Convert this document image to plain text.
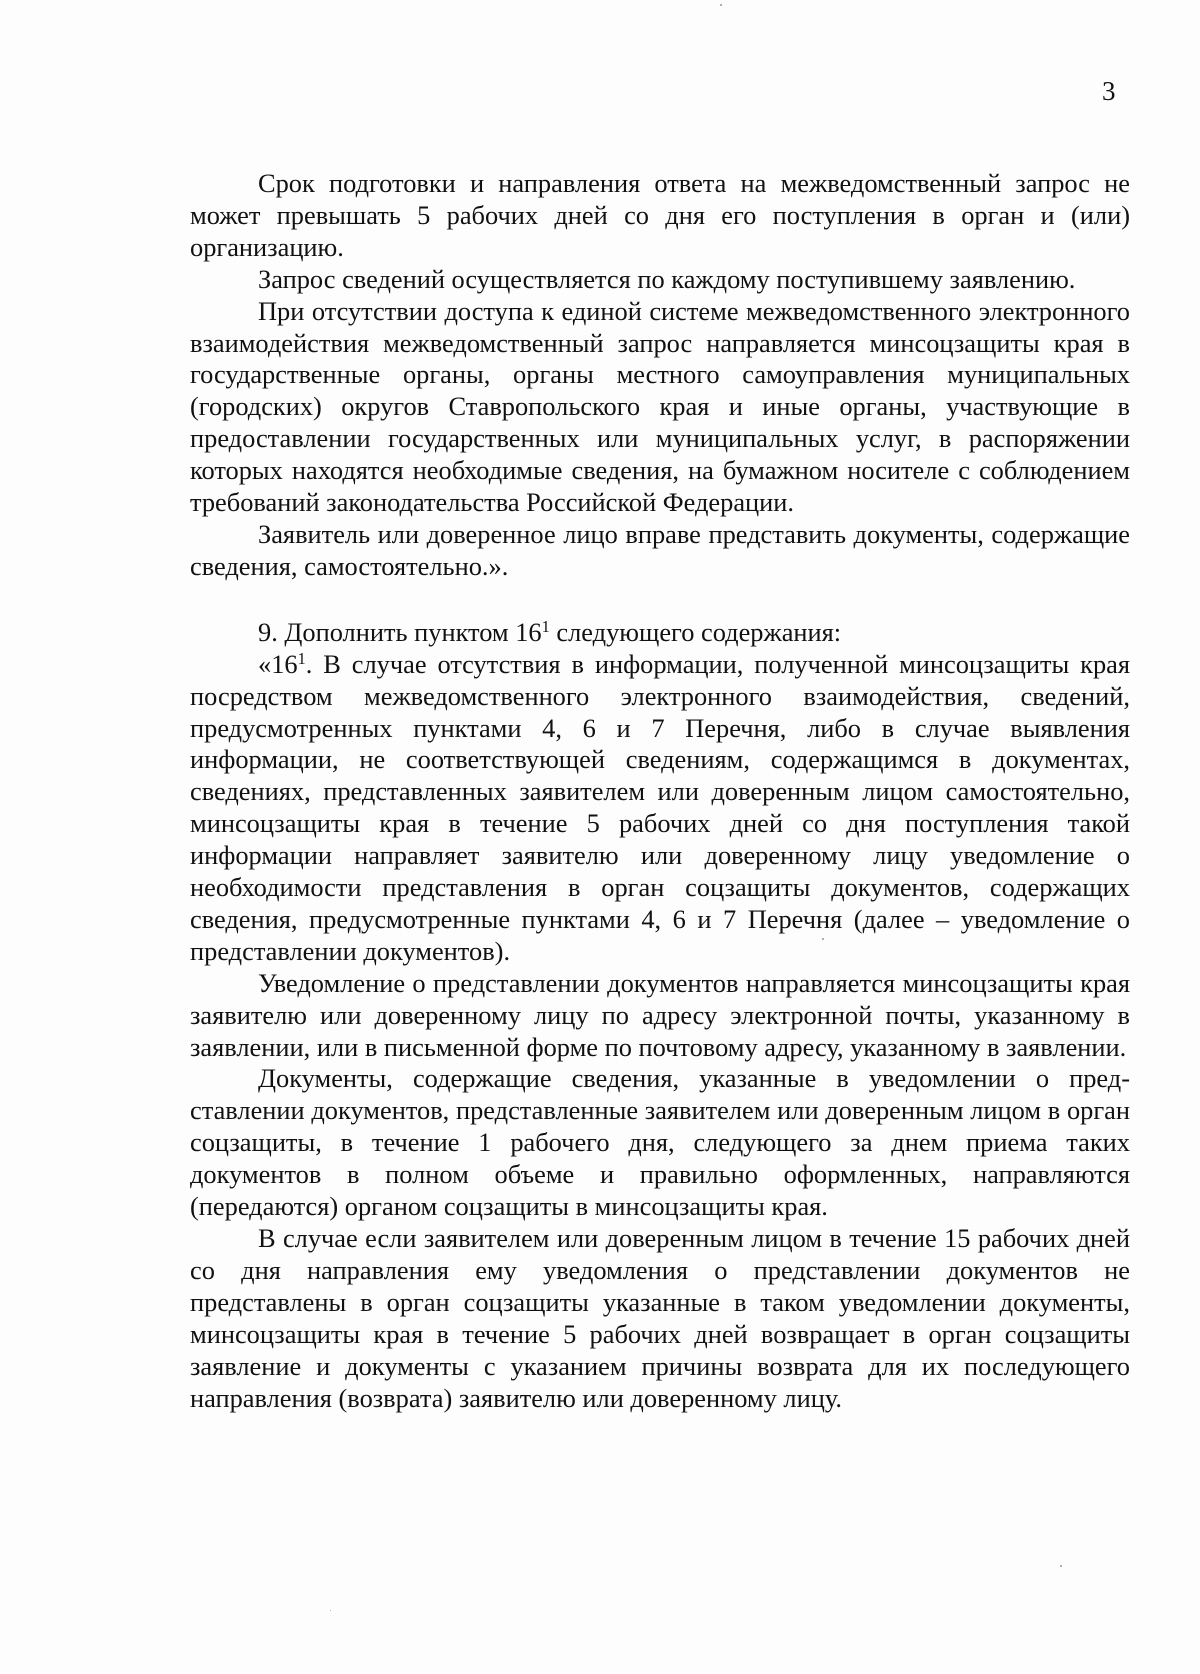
3

Срок подготовки и направления ответа на межведомственный запрос не может превышать 5 рабочих дней со дня его поступления в орган и (или) организацию.

Запрос сведений осуществляется по каждому поступившему заявлению.

При отсутствии доступа к единой системе межведомственного электронного взаимодействия межведомственный запрос направляется минсоцзащиты края в государственные органы, органы местного самоуправления муниципальных (городских) округов Ставропольского края и иные органы, участвующие в предоставлении государственных или муниципальных услуг, в распоряжении которых находятся необходимые сведения, на бумажном носителе с соблюдением требований законодательства Российской Федерации.

Заявитель или доверенное лицо вправе представить документы, содержащие сведения, самостоятельно.».

9. Дополнить пунктом $16^1$ следующего содержания:

«$16^1$. В случае отсутствия в информации, полученной минсоцзащиты края посредством межведомственного электронного взаимодействия, сведений, предусмотренных пунктами 4, 6 и 7 Перечня, либо в случае выявления информации, не соответствующей сведениям, содержащимся в документах, сведениях, представленных заявителем или доверенным лицом самостоятельно, минсоцзащиты края в течение 5 рабочих дней со дня поступления такой информации направляет заявителю или доверенному лицу уведомление о необходимости представления в орган соцзащиты документов, содержащих сведения, предусмотренные пунктами 4, 6 и 7 Перечня (далее – уведомление о представлении документов).

Уведомление о представлении документов направляется минсоцзащиты края заявителю или доверенному лицу по адресу электронной почты, указанному в заявлении, или в письменной форме по почтовому адресу, указанному в заявлении.

Документы, содержащие сведения, указанные в уведомлении о представлении документов, представленные заявителем или доверенным лицом в орган соцзащиты, в течение 1 рабочего дня, следующего за днем приема таких документов в полном объеме и правильно оформленных, направляются (передаются) органом соцзащиты в минсоцзащиты края.

В случае если заявителем или доверенным лицом в течение 15 рабочих дней со дня направления ему уведомления о представлении документов не представлены в орган соцзащиты указанные в таком уведомлении документы, минсоцзащиты края в течение 5 рабочих дней возвращает в орган соцзащиты заявление и документы с указанием причины возврата для их последующего направления (возврата) заявителю или доверенному лицу.
